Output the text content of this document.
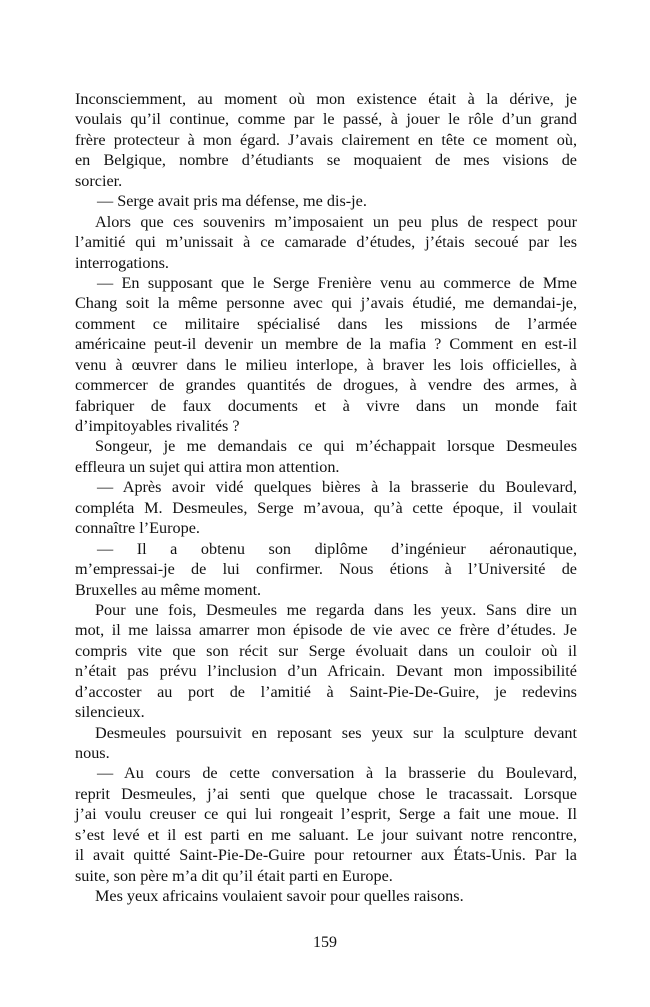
Inconsciemment, au moment où mon existence était à la dérive, je
voulais qu’il continue, comme par le passé, à jouer le rôle d’un grand
frère protecteur à mon égard. J’avais clairement en tête ce moment où,
en Belgique, nombre d’étudiants se moquaient de mes visions de
sorcier.
— Serge avait pris ma défense, me dis-je.
Alors que ces souvenirs m’imposaient un peu plus de respect pour
l’amitié qui m’unissait à ce camarade d’études, j’étais secoué par les
interrogations.
— En supposant que le Serge Frenière venu au commerce de Mme
Chang soit la même personne avec qui j’avais étudié, me demandai-je,
comment ce militaire spécialisé dans les missions de l’armée
américaine peut-il devenir un membre de la mafia ? Comment en est-il
venu à œuvrer dans le milieu interlope, à braver les lois officielles, à
commercer de grandes quantités de drogues, à vendre des armes, à
fabriquer de faux documents et à vivre dans un monde fait
d’impitoyables rivalités ?
Songeur, je me demandais ce qui m’échappait lorsque Desmeules
effleura un sujet qui attira mon attention.
— Après avoir vidé quelques bières à la brasserie du Boulevard,
compléta M. Desmeules, Serge m’avoua, qu’à cette époque, il voulait
connaître l’Europe.
— Il a obtenu son diplôme d’ingénieur aéronautique,
m’empressai-je de lui confirmer. Nous étions à l’Université de
Bruxelles au même moment.
Pour une fois, Desmeules me regarda dans les yeux. Sans dire un
mot, il me laissa amarrer mon épisode de vie avec ce frère d’études. Je
compris vite que son récit sur Serge évoluait dans un couloir où il
n’était pas prévu l’inclusion d’un Africain. Devant mon impossibilité
d’accoster au port de l’amitié à Saint-Pie-De-Guire, je redevins
silencieux.
Desmeules poursuivit en reposant ses yeux sur la sculpture devant
nous.
— Au cours de cette conversation à la brasserie du Boulevard,
reprit Desmeules, j’ai senti que quelque chose le tracassait. Lorsque
j’ai voulu creuser ce qui lui rongeait l’esprit, Serge a fait une moue. Il
s’est levé et il est parti en me saluant. Le jour suivant notre rencontre,
il avait quitté Saint-Pie-De-Guire pour retourner aux États-Unis. Par la
suite, son père m’a dit qu’il était parti en Europe.
Mes yeux africains voulaient savoir pour quelles raisons.
159
